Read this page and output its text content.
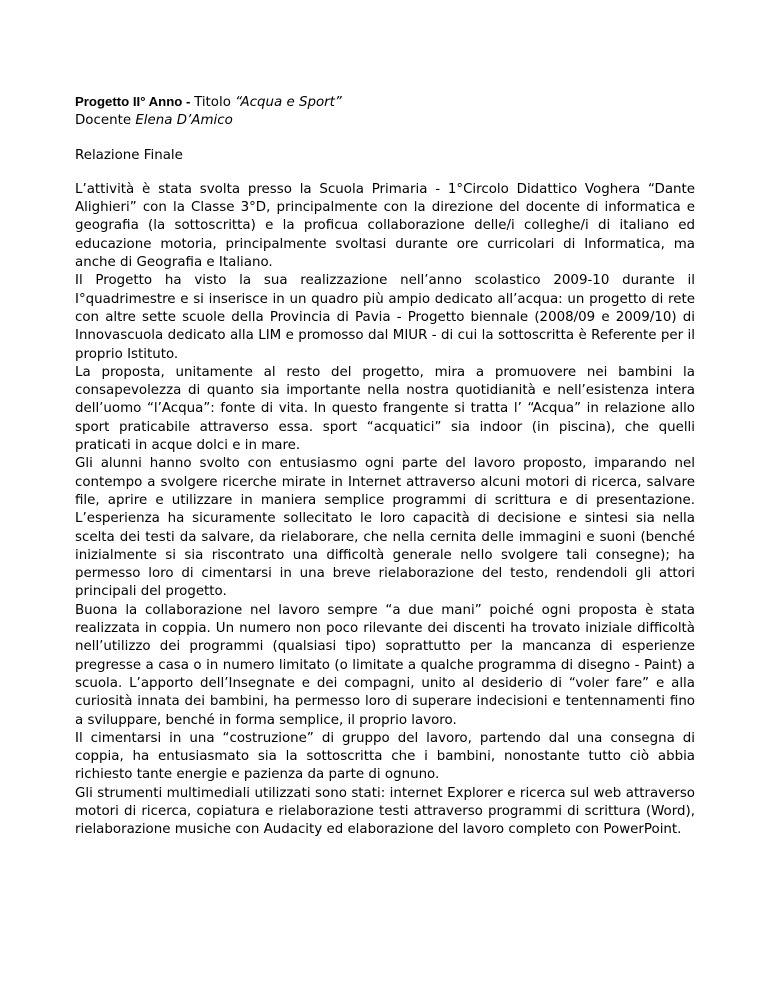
Progetto II° Anno - Titolo “Acqua e Sport”
Docente Elena D’Amico
Relazione Finale

L’attività è stata svolta presso la Scuola Primaria - 1°Circolo Didattico Voghera “Dante Alighieri” con la Classe 3°D, principalmente con la direzione del docente di informatica e geografia (la sottoscritta) e la proficua collaborazione delle/i colleghe/i di italiano ed educazione motoria, principalmente svoltasi durante ore curricolari di Informatica, ma anche di Geografia e Italiano.

Il Progetto ha visto la sua realizzazione nell’anno scolastico 2009-10 durante il I°quadrimestre e si inserisce in un quadro più ampio dedicato all’acqua: un progetto di rete con altre sette scuole della Provincia di Pavia - Progetto biennale (2008/09 e 2009/10) di Innovascuola dedicato alla LIM e promosso dal MIUR - di cui la sottoscritta è Referente per il proprio Istituto.

La proposta, unitamente al resto del progetto, mira a promuovere nei bambini la consapevolezza di quanto sia importante nella nostra quotidianità e nell’esistenza intera dell’uomo “l’Acqua”: fonte di vita. In questo frangente si tratta l’ “Acqua” in relazione allo sport praticabile attraverso essa. sport “acquatici” sia indoor (in piscina), che quelli praticati in acque dolci e in mare.

Gli alunni hanno svolto con entusiasmo ogni parte del lavoro proposto, imparando nel contempo a svolgere ricerche mirate in Internet attraverso alcuni motori di ricerca, salvare file, aprire e utilizzare in maniera semplice programmi di scrittura e di presentazione. L’esperienza ha sicuramente sollecitato le loro capacità di decisione e sintesi sia nella scelta dei testi da salvare, da rielaborare, che nella cernita delle immagini e suoni (benché inizialmente si sia riscontrato una difficoltà generale nello svolgere tali consegne); ha permesso loro di cimentarsi in una breve rielaborazione del testo, rendendoli gli attori principali del progetto.

Buona la collaborazione nel lavoro sempre “a due mani” poiché ogni proposta è stata realizzata in coppia. Un numero non poco rilevante dei discenti ha trovato iniziale difficoltà nell’utilizzo dei programmi (qualsiasi tipo) soprattutto per la mancanza di esperienze pregresse a casa o in numero limitato (o limitate a qualche programma di disegno - Paint) a scuola. L’apporto dell’Insegnate e dei compagni, unito al desiderio di “voler fare” e alla curiosità innata dei bambini, ha permesso loro di superare indecisioni e tentennamenti fino a sviluppare, benché in forma semplice, il proprio lavoro.

Il cimentarsi in una “costruzione” di gruppo del lavoro, partendo dal una consegna di coppia, ha entusiasmato sia la sottoscritta che i bambini, nonostante tutto ciò abbia richiesto tante energie e pazienza da parte di ognuno.

Gli strumenti multimediali utilizzati sono stati: internet Explorer e ricerca sul web attraverso motori di ricerca, copiatura e rielaborazione testi attraverso programmi di scrittura (Word), rielaborazione musiche con Audacity ed elaborazione del lavoro completo con PowerPoint.
